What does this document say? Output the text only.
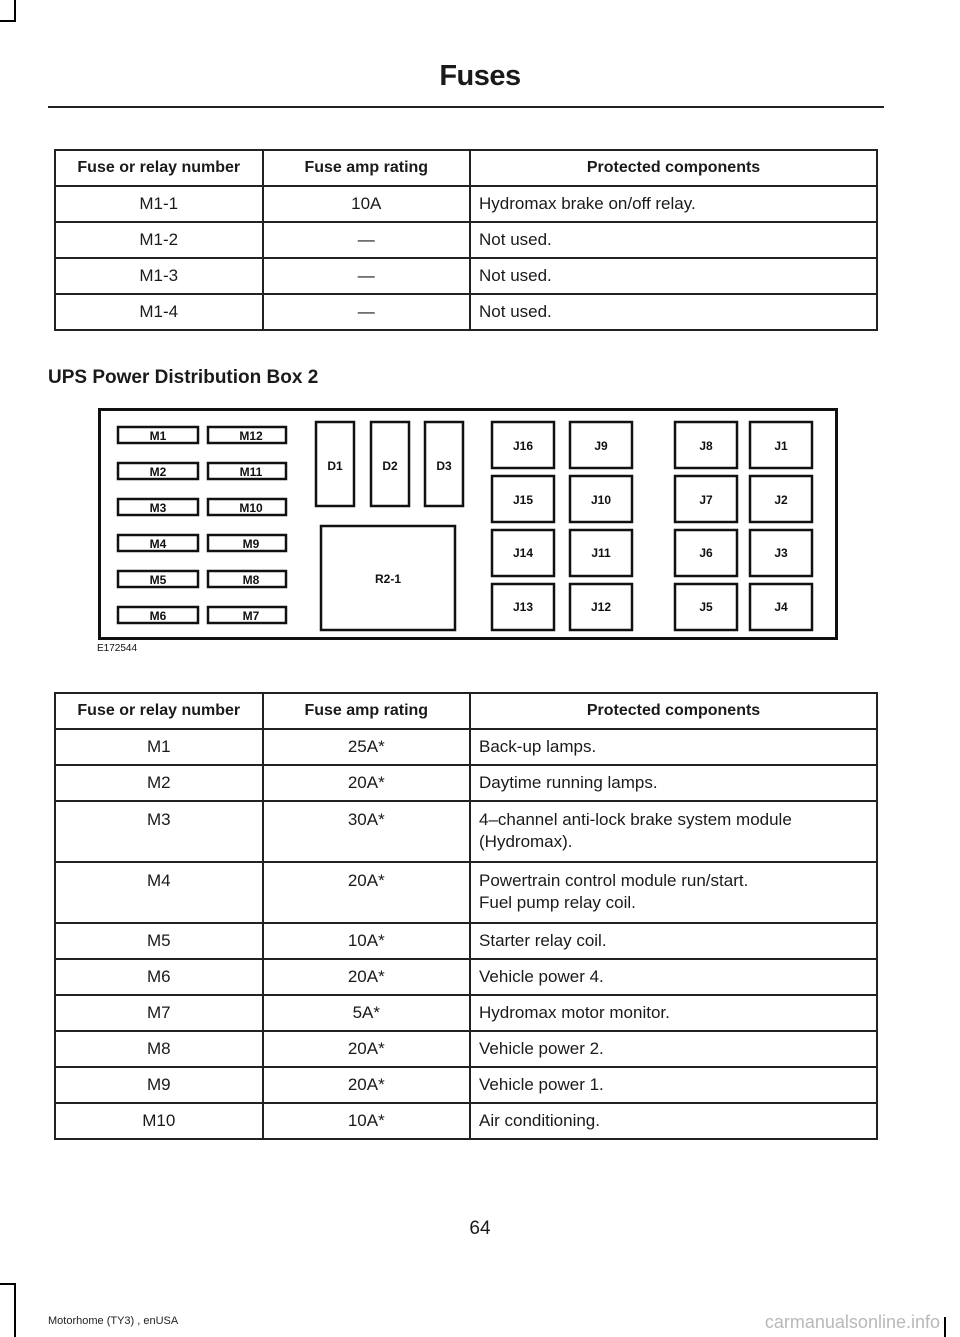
Fuses
Fuse or relay number	Fuse amp rating	Protected components
M1-1	10A	Hydromax brake on/off relay.
M1-2	—	Not used.
M1-3	—	Not used.
M1-4	—	Not used.
UPS Power Distribution Box 2
M1
M2
M3
M4
M5
M6
M12
M11
M10
M9
M8
M7
D1	D2	D3
R2-1
J16
J15
J14
J13
J9
J10
J11
J12
J8
J7
J6
J5
J1
J2
J3
J4
E172544
Fuse or relay number	Fuse amp rating	Protected components
M1	25A*	Back-up lamps.
M2	20A*	Daytime running lamps.
M3	30A*	4–channel anti-lock brake system module
(Hydromax).

M4	20A*	Powertrain control module run/start.
Fuel pump relay coil.

M5	10A*	Starter relay coil.
M6	20A*	Vehicle power 4.
M7	5A*	Hydromax motor monitor.
M8	20A*	Vehicle power 2.
M9	20A*	Vehicle power 1.
M10	10A*	Air conditioning.
64
Motorhome (TY3) , enUSA	carmanualsonline.info
